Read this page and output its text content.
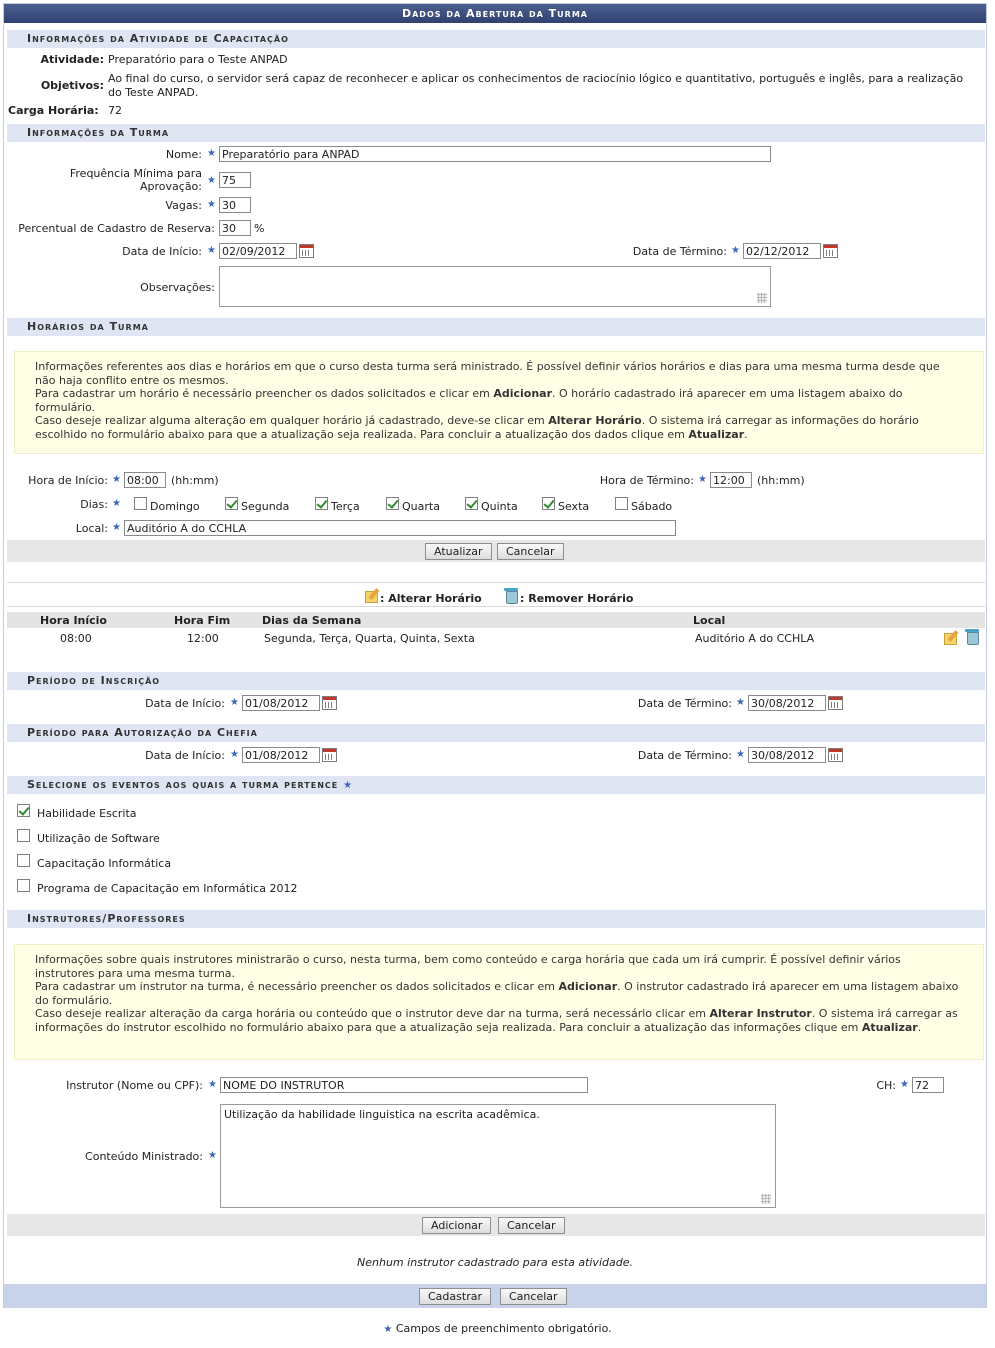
Dados da Abertura da Turma
Informações da Atividade de Capacitação
Atividade: Preparatório para o Teste ANPAD
Objetivos:
Ao final do curso, o servidor será capaz de reconhecer e aplicar os conhecimentos de raciocínio lógico e quantitativo, português e inglês, para a realização do Teste ANPAD.
Carga Horária: 72
Informações da Turma
Nome: ★
Preparatório para ANPAD
Frequência Mínima para
Aprovação: ★
75
Vagas: ★
30
Percentual de Cadastro de Reserva:
30	%
Data de Início: ★
02/09/2012	Data de Término: ★
02/12/2012
Observações:
Horários da Turma
Informações referentes aos dias e horários em que o curso desta turma será ministrado. É possível definir vários horários e dias para uma mesma turma desde que não haja conflito entre os mesmos.
Para cadastrar um horário é necessário preencher os dados solicitados e clicar em Adicionar. O horário cadastrado irá aparecer em uma listagem abaixo do formulário.
Caso deseje realizar alguma alteração em qualquer horário já cadastrado, deve-se clicar em Alterar Horário. O sistema irá carregar as informações do horário escolhido no formulário abaixo para que a atualização seja realizada. Para concluir a atualização dos dados clique em Atualizar.
Hora de Início: ★
08:00	(hh:mm)	Hora de Término: ★
12:00	(hh:mm)
Dias: ★	Domingo	Segunda	Terça	Quarta	Quinta	Sexta	Sábado
Local: ★
Auditório A do CCHLA
Atualizar	Cancelar
: Alterar Horário	: Remover Horário
Hora Início	Hora Fim	Dias da Semana	Local
08:00	12:00	Segunda, Terça, Quarta, Quinta, Sexta	Auditório A do CCHLA
Período de Inscrição
Data de Início: ★
01/08/2012	Data de Término: ★
30/08/2012
Período para Autorização da Chefia
Data de Início: ★
01/08/2012	Data de Término: ★
30/08/2012
Selecione os eventos aos quais a turma pertence ★
Habilidade Escrita
Utilização de Software
Capacitação Informática
Programa de Capacitação em Informática 2012
Instrutores/Professores
Informações sobre quais instrutores ministrarão o curso, nesta turma, bem como conteúdo e carga horária que cada um irá cumprir. É possível definir vários instrutores para uma mesma turma.
Para cadastrar um instrutor na turma, é necessário preencher os dados solicitados e clicar em Adicionar. O instrutor cadastrado irá aparecer em uma listagem abaixo do formulário.
Caso deseje realizar alteração da carga horária ou conteúdo que o instrutor deve dar na turma, será necessário clicar em Alterar Instrutor. O sistema irá carregar as informações do instrutor escolhido no formulário abaixo para que a atualização seja realizada. Para concluir a atualização das informações clique em Atualizar.
Instrutor (Nome ou CPF): ★
NOME DO INSTRUTOR	CH: ★
72
Conteúdo Ministrado: ★
Utilização da habilidade linguistica na escrita acadêmica.
Adicionar	Cancelar
Nenhum instrutor cadastrado para esta atividade.
Cadastrar	Cancelar
★ Campos de preenchimento obrigatório.
